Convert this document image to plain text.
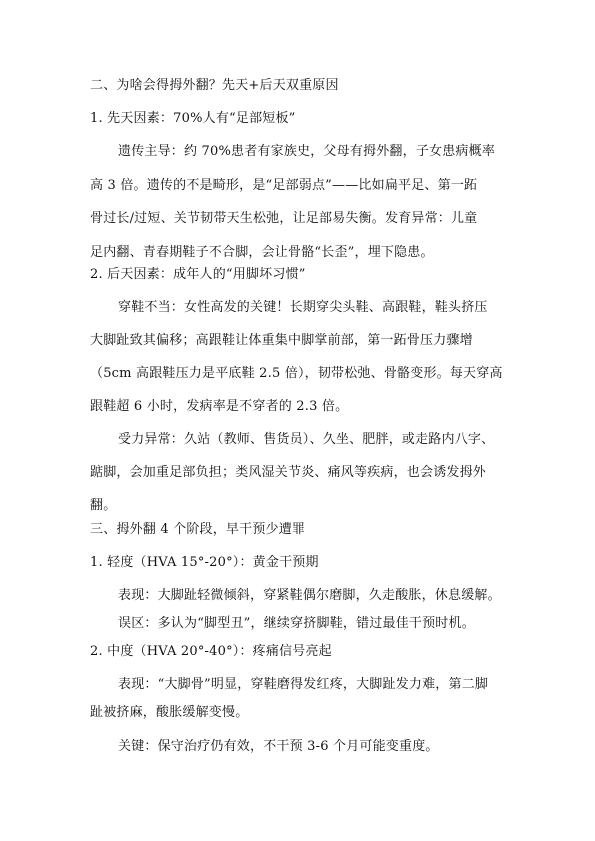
二、为啥会得拇外翻？先天+后天双重原因
1. 先天因素：70%人有“足部短板”
遗传主导：约 70%患者有家族史，父母有拇外翻，子女患病概率
高 3 倍。遗传的不是畸形，是“足部弱点”——比如扁平足、第一跖
骨过长/过短、关节韧带天生松弛，让足部易失衡。发育异常：儿童
足内翻、青春期鞋子不合脚，会让骨骼“长歪”，埋下隐患。
2. 后天因素：成年人的“用脚坏习惯”
穿鞋不当：女性高发的关键！长期穿尖头鞋、高跟鞋，鞋头挤压
大脚趾致其偏移；高跟鞋让体重集中脚掌前部，第一跖骨压力骤增
（5cm 高跟鞋压力是平底鞋 2.5 倍），韧带松弛、骨骼变形。每天穿高
跟鞋超 6 小时，发病率是不穿者的 2.3 倍。
受力异常：久站（教师、售货员）、久坐、肥胖，或走路内八字、
踮脚，会加重足部负担；类风湿关节炎、痛风等疾病，也会诱发拇外
翻。
三、拇外翻 4 个阶段，早干预少遭罪
1. 轻度（HVA 15°-20°）：黄金干预期
表现：大脚趾轻微倾斜，穿紧鞋偶尔磨脚，久走酸胀，休息缓解。
误区：多认为“脚型丑”，继续穿挤脚鞋，错过最佳干预时机。
2. 中度（HVA 20°-40°）：疼痛信号亮起
表现：“大脚骨”明显，穿鞋磨得发红疼，大脚趾发力难，第二脚
趾被挤麻，酸胀缓解变慢。
关键：保守治疗仍有效，不干预 3-6 个月可能变重度。
